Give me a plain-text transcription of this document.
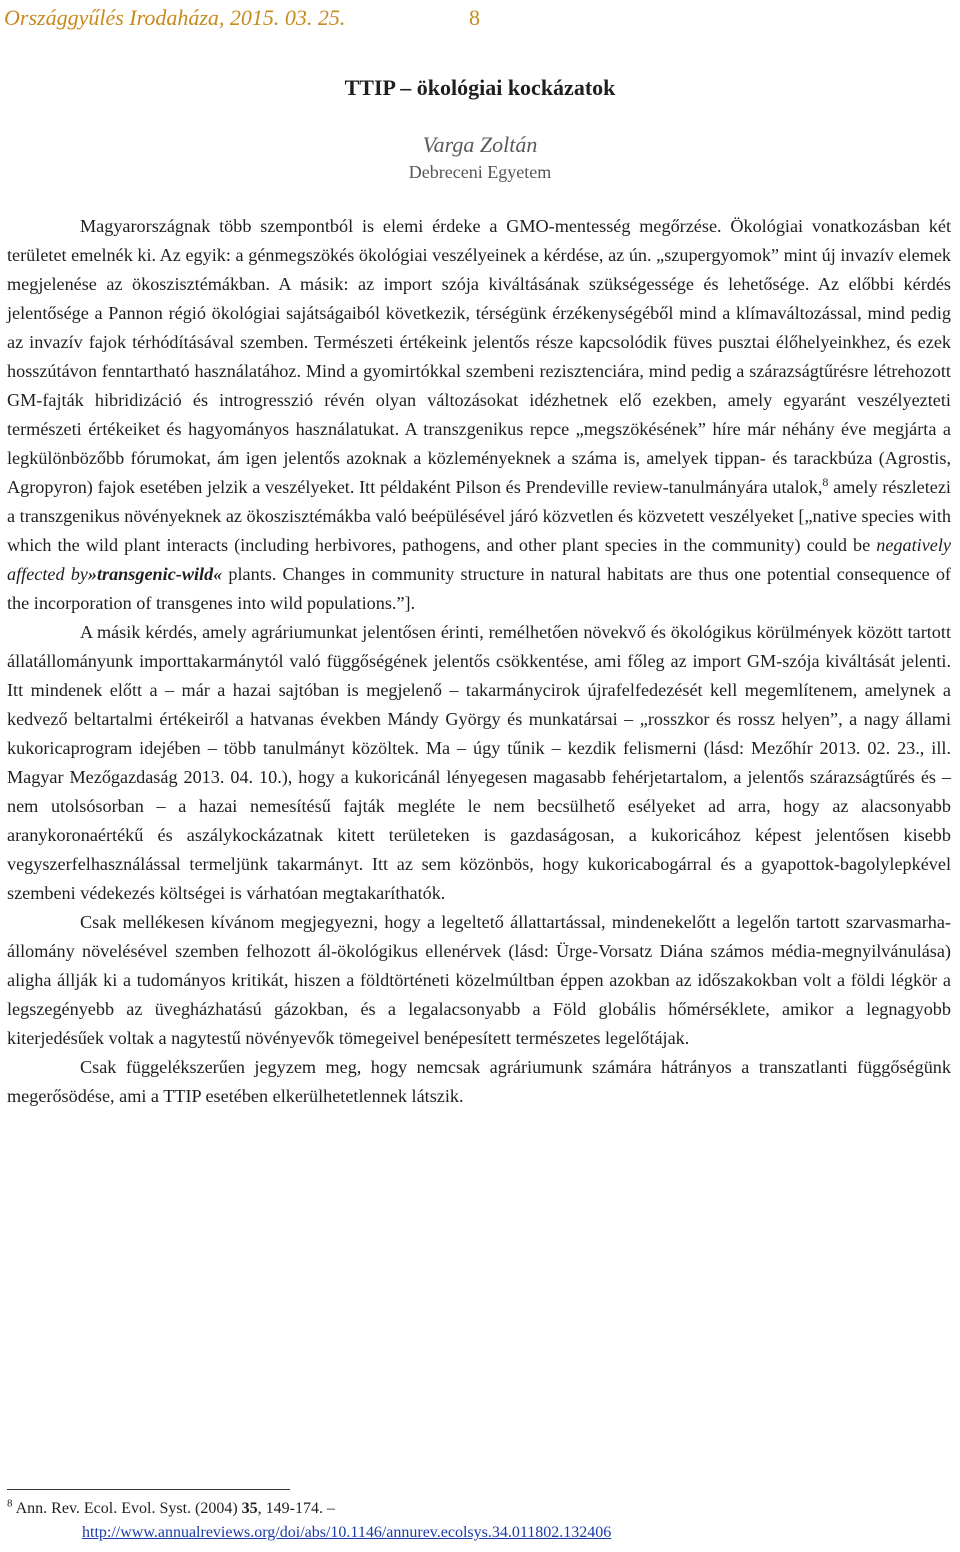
Országgyűlés Irodaháza, 2015. 03. 25.	8
TTIP – ökológiai kockázatok
Varga Zoltán
Debreceni Egyetem

Magyarországnak több szempontból is elemi érdeke a GMO-mentesség megőrzése. Ökológiai vonatkozásban két területet emelnék ki. Az egyik: a génmegszökés ökológiai veszélyeinek a kérdése, az ún. „szupergyomok” mint új invazív elemek megjelenése az ökoszisztémákban. A másik: az import szója kiváltásának szükségessége és lehetősége. Az előbbi kérdés jelentősége a Pannon régió ökológiai sajátságaiból következik, térségünk érzékenységéből mind a klímaváltozással, mind pedig az invazív fajok térhódításával szemben. Természeti értékeink jelentős része kapcsolódik füves pusztai élőhelyeinkhez, és ezek hosszútávon fenntartható használatához. Mind a gyomirtókkal szembeni rezisztenciára, mind pedig a szárazságtűrésre létrehozott GM-fajták hibridizáció és introgresszió révén olyan változásokat idézhetnek elő ezekben, amely egyaránt veszélyezteti természeti értékeiket és hagyományos használatukat. A transzgenikus repce „megszökésének” híre már néhány éve megjárta a legkülönbözőbb fórumokat, ám igen jelentős azoknak a közleményeknek a száma is, amelyek tippan- és tarackbúza (Agrostis, Agropyron) fajok esetében jelzik a veszélyeket. Itt példaként Pilson és Prendeville review-tanulmányára utalok,$^8$ amely részletezi a transzgenikus növényeknek az ökoszisztémákba való beépülésével járó közvetlen és közvetett veszélyeket [„native species with which the wild plant interacts (including herbivores, pathogens, and other plant species in the community) could be negatively affected by»transgenic-wild« plants. Changes in community structure in natural habitats are thus one potential consequence of the incorporation of transgenes into wild populations.”].

A másik kérdés, amely agráriumunkat jelentősen érinti, remélhetően növekvő és ökológikus körülmények között tartott állatállományunk importtakarmánytól való függőségének jelentős csökkentése, ami főleg az import GM-szója kiváltását jelenti. Itt mindenek előtt a – már a hazai sajtóban is megjelenő – takarmánycirok újrafelfedezését kell megemlítenem, amelynek a kedvező beltartalmi értékeiről a hatvanas években Mándy György és munkatársai – „rosszkor és rossz helyen”, a nagy állami kukoricaprogram idejében – több tanulmányt közöltek. Ma – úgy tűnik – kezdik felismerni (lásd: Mezőhír 2013. 02. 23., ill. Magyar Mezőgazdaság 2013. 04. 10.), hogy a kukoricánál lényegesen magasabb fehérjetartalom, a jelentős szárazságtűrés és – nem utolsósorban – a hazai nemesítésű fajták megléte le nem becsülhető esélyeket ad arra, hogy az alacsonyabb aranykoronaértékű és aszálykockázatnak kitett területeken is gazdaságosan, a kukoricához képest jelentősen kisebb vegyszerfelhasználással termeljünk takarmányt. Itt az sem közönbös, hogy kukoricabogárral és a gyapottok-bagolylepkével szembeni védekezés költségei is várhatóan megtakaríthatók.

Csak mellékesen kívánom megjegyezni, hogy a legeltető állattartással, mindenekelőtt a legelőn tartott szarvasmarha-állomány növelésével szemben felhozott ál-ökológikus ellenérvek (lásd: Ürge-Vorsatz Diána számos média-megnyilvánulása) aligha állják ki a tudományos kritikát, hiszen a földtörténeti közelmúltban éppen azokban az időszakokban volt a földi légkör a legszegényebb az üvegházhatású gázokban, és a legalacsonyabb a Föld globális hőmérséklete, amikor a legnagyobb kiterjedésűek voltak a nagytestű növényevők tömegeivel benépesített természetes legelőtájak.

Csak függelékszerűen jegyzem meg, hogy nemcsak agráriumunk számára hátrányos a transzatlanti függőségünk megerősödése, ami a TTIP esetében elkerülhetetlennek látszik.

$^8$ Ann. Rev. Ecol. Evol. Syst. (2004) 35, 149-174. –
http://www.annualreviews.org/doi/abs/10.1146/annurev.ecolsys.34.011802.132406
